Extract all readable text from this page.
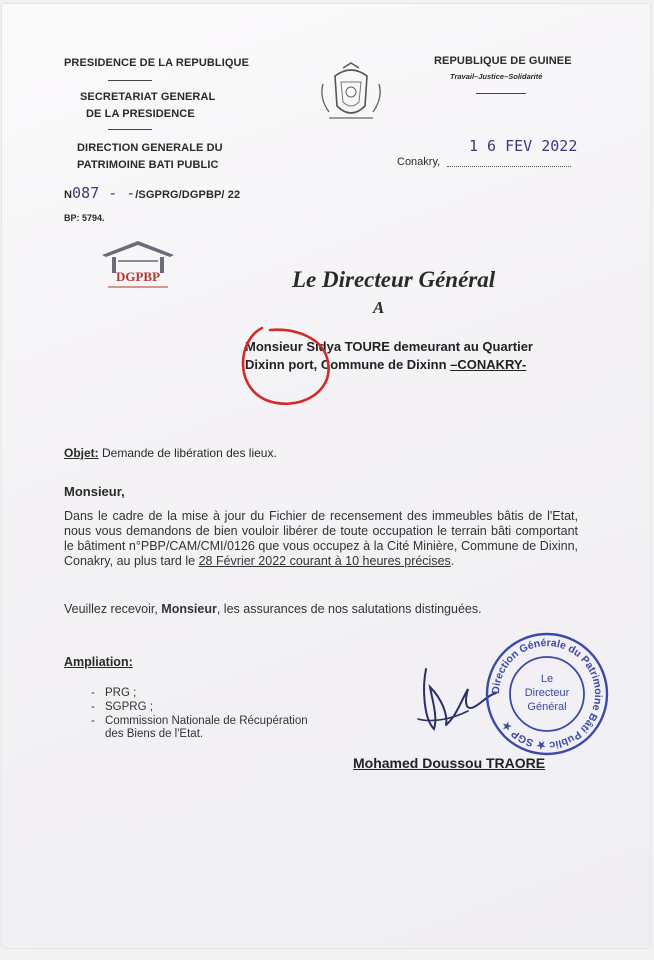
PRESIDENCE DE LA REPUBLIQUE
SECRETARIAT GENERAL
DE LA PRESIDENCE
DIRECTION GENERALE DU
PATRIMOINE BATI PUBLIC
N087 - -/SGPRG/DGPBP/ 22
BP: 5794.
DGPBP
REPUBLIQUE DE GUINEE
Travail–Justice–Solidarité
1 6 FEV 2022
Conakry,
Le Directeur Général
A
Monsieur Sidya TOURE demeurant au Quartier
Dixinn port, Commune de Dixinn –CONAKRY-
Objet: Demande de libération des lieux.
Monsieur,
Dans le cadre de la mise à jour du Fichier de recensement des immeubles bâtis de l'Etat, nous vous demandons de bien vouloir libérer de toute occupation le terrain bâti comportant le bâtiment n°PBP/CAM/CMI/0126 que vous occupez à la Cité Minière, Commune de Dixinn, Conakry, au plus tard le 28 Février 2022 courant à 10 heures précises.
Veuillez recevoir, Monsieur, les assurances de nos salutations distinguées.
Ampliation:
- PRG ;
- SGPRG ;
- Commission Nationale de Récupération
des Biens de l'Etat.
Direction Générale du Patrimoine Bâti Public ★ SGP ★
Le
Directeur
Général
Mohamed Doussou TRAORE
